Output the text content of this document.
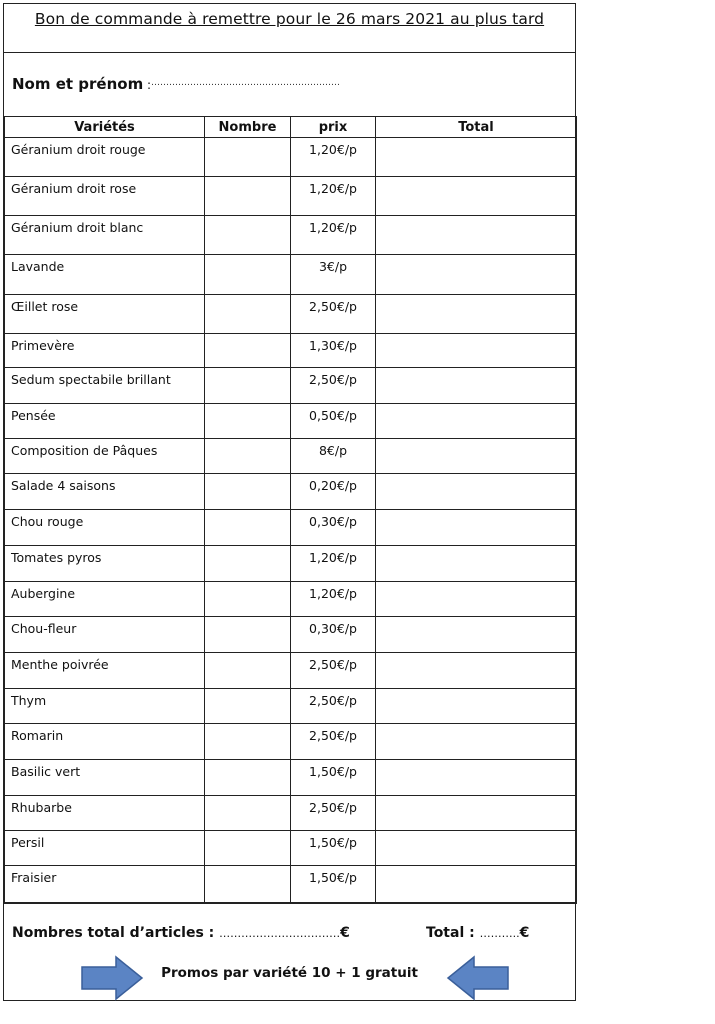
Bon de commande à remettre pour le 26 mars 2021 au plus tard
Nom et prénom : ………………………………………………………
Variétés	Nombre	prix	Total
Géranium droit rouge		1,20€/p	
Géranium droit rose		1,20€/p	
Géranium droit blanc		1,20€/p	
Lavande		3€/p	
Œillet rose		2,50€/p	
Primevère		1,30€/p	
Sedum spectabile brillant		2,50€/p	
Pensée		0,50€/p	
Composition de Pâques		8€/p	
Salade 4 saisons		0,20€/p	
Chou rouge		0,30€/p	
Tomates pyros		1,20€/p	
Aubergine		1,20€/p	
Chou-fleur		0,30€/p	
Menthe poivrée		2,50€/p	
Thym		2,50€/p	
Romarin		2,50€/p	
Basilic vert		1,50€/p	
Rhubarbe		2,50€/p	
Persil		1,50€/p	
Fraisier		1,50€/p	
Nombres total d’articles : ……………………………€	Total : ………..€
Promos par variété 10 + 1 gratuit
